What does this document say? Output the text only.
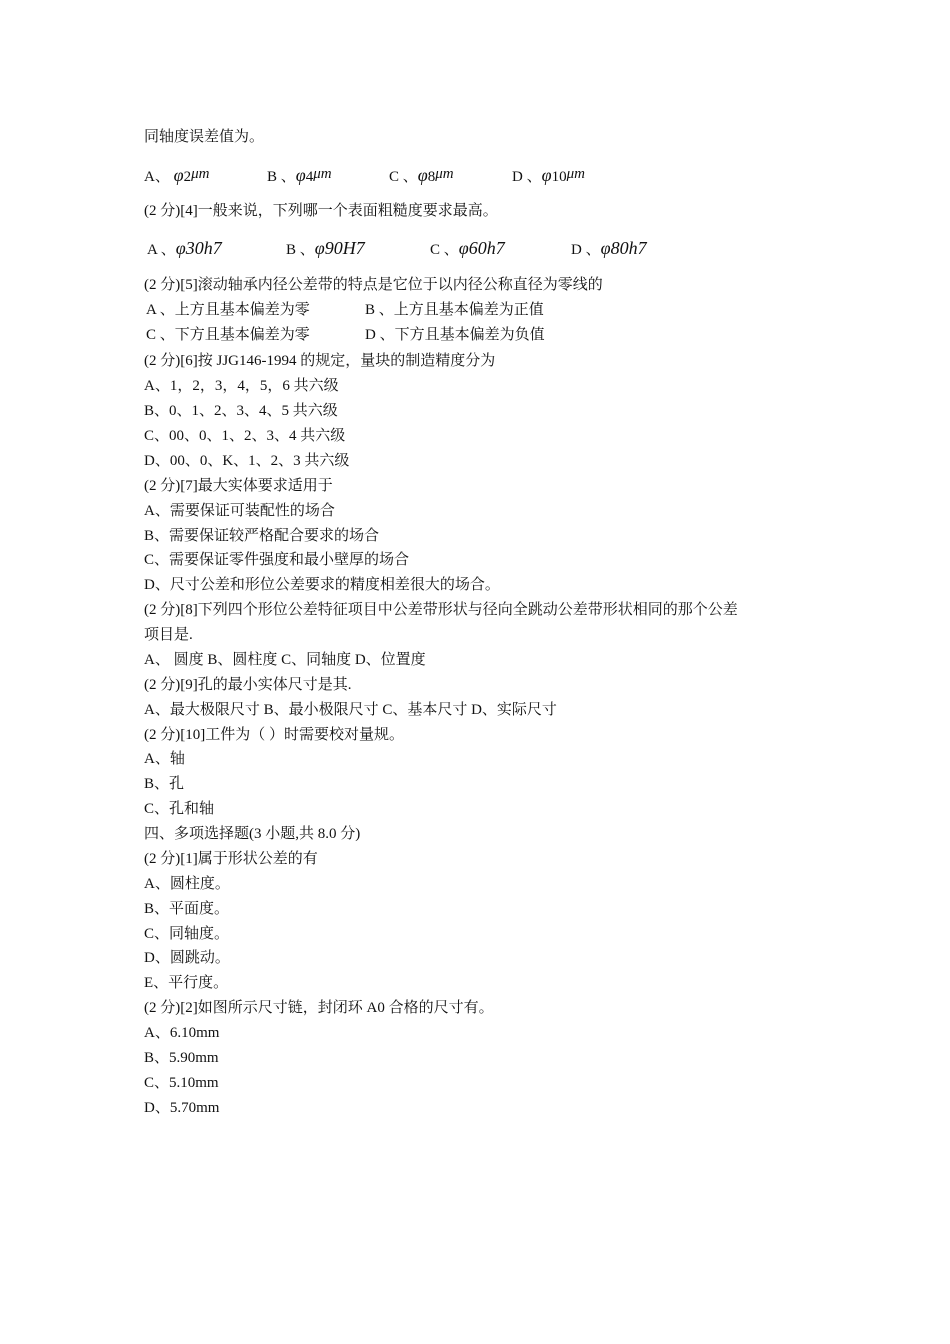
同轴度误差值为。
A、 φ2μm	B 、φ4μm	C 、φ8μm	D 、φ10μm
(2 分)[4]一般来说，下列哪一个表面粗糙度要求最高。
A 、φ30h7	B 、φ90H7	C 、φ60h7	D 、φ80h7
(2 分)[5]滚动轴承内径公差带的特点是它位于以内径公称直径为零线的
A 、上方且基本偏差为零	B 、上方且基本偏差为正值
C 、下方且基本偏差为零	D 、下方且基本偏差为负值
(2 分)[6]按 JJG146-1994 的规定，量块的制造精度分为
A、1，2，3，4，5，6 共六级
B、0、1、2、3、4、5 共六级
C、00、0、1、2、3、4 共六级
D、00、0、K、1、2、3 共六级
(2 分)[7]最大实体要求适用于
A、需要保证可装配性的场合
B、需要保证较严格配合要求的场合
C、需要保证零件强度和最小壁厚的场合
D、尺寸公差和形位公差要求的精度相差很大的场合。
(2 分)[8]下列四个形位公差特征项目中公差带形状与径向全跳动公差带形状相同的那个公差
项目是.
A、 圆度 B、圆柱度 C、同轴度 D、位置度
(2 分)[9]孔的最小实体尺寸是其.
A、最大极限尺寸 B、最小极限尺寸 C、基本尺寸 D、实际尺寸
(2 分)[10]工件为（ ）时需要校对量规。
A、轴
B、孔
C、孔和轴
四、多项选择题(3 小题,共 8.0 分)
(2 分)[1]属于形状公差的有
A、圆柱度。
B、平面度。
C、同轴度。
D、圆跳动。
E、平行度。
(2 分)[2]如图所示尺寸链，封闭环 A0 合格的尺寸有。
A、6.10mm
B、5.90mm
C、5.10mm
D、5.70mm
